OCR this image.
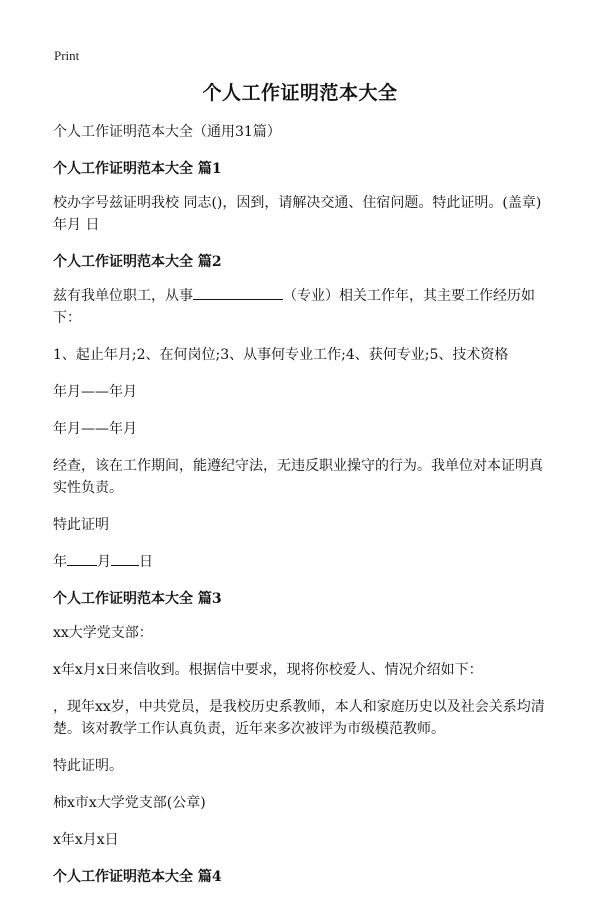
Print
个人工作证明范本大全

个人工作证明范本大全（通用31篇）

个人工作证明范本大全 篇1

校办字号兹证明我校 同志()，因到，请解决交通、住宿问题。特此证明。(盖章)年月 日

个人工作证明范本大全 篇2

兹有我单位职工，从事	（专业）相关工作年，其主要工作经历如下：

1、起止年月;2、在何岗位;3、从事何专业工作;4、获何专业;5、技术资格

年月——年月

年月——年月

经查，该在工作期间，能遵纪守法，无违反职业操守的行为。我单位对本证明真实性负责。

特此证明

年 月 日

个人工作证明范本大全 篇3

xx大学党支部：

x年x月x日来信收到。根据信中要求，现将你校爱人、情况介绍如下：

，现年xx岁，中共党员，是我校历史系教师，本人和家庭历史以及社会关系均清楚。该对教学工作认真负责，近年来多次被评为市级模范教师。

特此证明。

柿x市x大学党支部(公章)

x年x月x日

个人工作证明范本大全 篇4
